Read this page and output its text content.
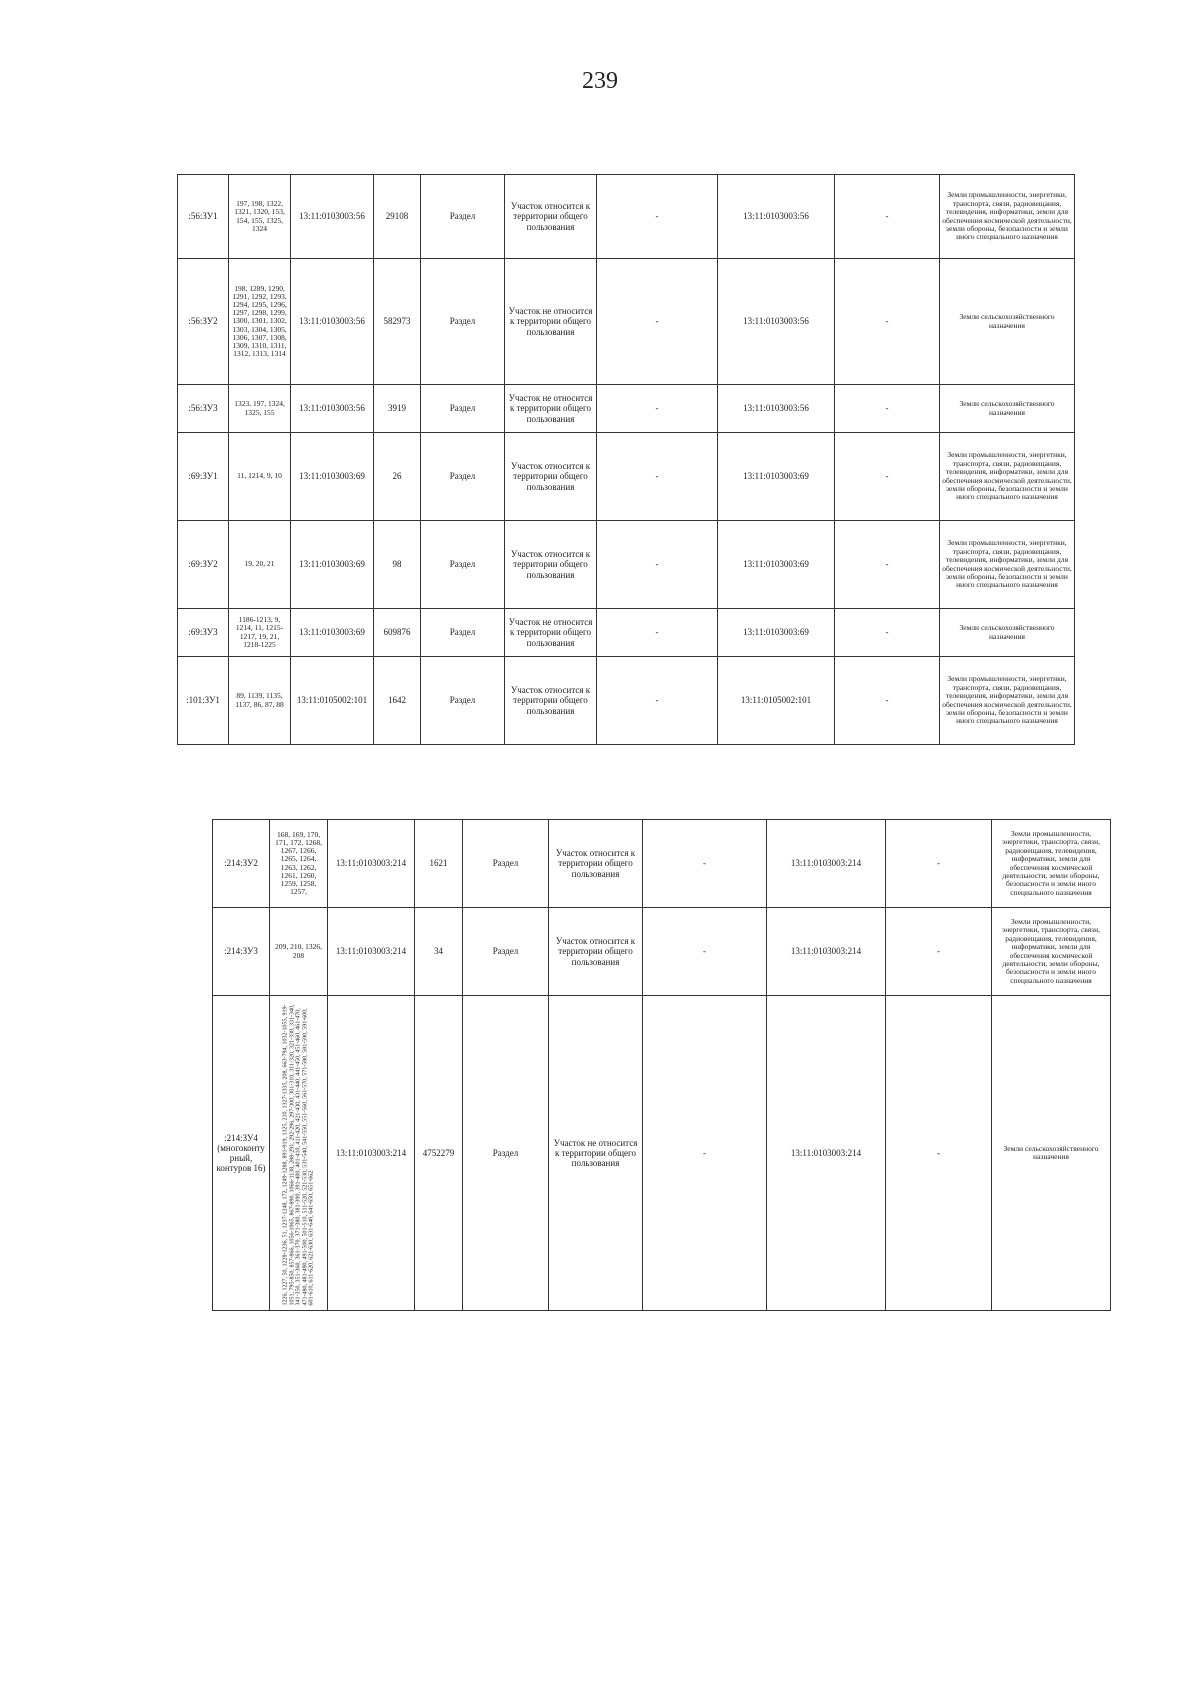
239
:56:ЗУ1	197, 198, 1322, 1321, 1320, 153, 154, 155, 1325, 1324	13:11:0103003:56	29108	Раздел	Участок относится к территории общего пользования	-	13:11:0103003:56	-	Земли промышленности, энергетики, транспорта, связи, радиовещания, телевидения, информатики, земли для обеспечения космической деятельности, земли обороны, безопасности и земли иного специального назначения
:56:ЗУ2	198, 1289, 1290, 1291, 1292, 1293, 1294, 1295, 1296, 1297, 1298, 1299, 1300, 1301, 1302, 1303, 1304, 1305, 1306, 1307, 1308, 1309, 1310, 1311, 1312, 1313, 1314	13:11:0103003:56	582973	Раздел	Участок не относится к территории общего пользования	-	13:11:0103003:56	-	Земли сельскохозяйственного назначения
:56:ЗУ3	1323, 197, 1324, 1325, 155	13:11:0103003:56	3919	Раздел	Участок не относится к территории общего пользования	-	13:11:0103003:56	-	Земли сельскохозяйственного назначения
:69:ЗУ1	11, 1214, 9, 10	13:11:0103003:69	26	Раздел	Участок относится к территории общего пользования	-	13:11:0103003:69	-	Земли промышленности, энергетики, транспорта, связи, радиовещания, телевидения, информатики, земли для обеспечения космической деятельности, земли обороны, безопасности и земли иного специального назначения
:69:ЗУ2	19, 20, 21	13:11:0103003:69	98	Раздел	Участок относится к территории общего пользования	-	13:11:0103003:69	-	Земли промышленности, энергетики, транспорта, связи, радиовещания, телевидения, информатики, земли для обеспечения космической деятельности, земли обороны, безопасности и земли иного специального назначения
:69:ЗУ3	1186-1213, 9, 1214, 11, 1215-1217, 19, 21, 1218-1225	13:11:0103003:69	609876	Раздел	Участок не относится к территории общего пользования	-	13:11:0103003:69	-	Земли сельскохозяйственного назначения
:101:ЗУ1	89, 1139, 1135, 1137, 86, 87, 88	13:11:0105002:101	1642	Раздел	Участок относится к территории общего пользования	-	13:11:0105002:101	-	Земли промышленности, энергетики, транспорта, связи, радиовещания, телевидения, информатики, земли для обеспечения космической деятельности, земли обороны, безопасности и земли иного специального назначения
:214:ЗУ2	168, 169, 170, 171, 172, 1268, 1267, 1266, 1265, 1264, 1263, 1262, 1261, 1260, 1259, 1258, 1257,	13:11:0103003:214	1621	Раздел	Участок относится к территории общего пользования	-	13:11:0103003:214	-	Земли промышленности, энергетики, транспорта, связи, радиовещания, телевидения, информатики, земли для обеспечения космической деятельности, земли обороны, безопасности и земли иного специального назначения
:214:ЗУ3	209, 210, 1326, 208	13:11:0103003:214	34	Раздел	Участок относится к территории общего пользования	-	13:11:0103003:214	-	Земли промышленности, энергетики, транспорта, связи, радиовещания, телевидения, информатики, земли для обеспечения космической деятельности, земли обороны, безопасности и земли иного специального назначения
:214:ЗУ4 (многоконтурный, контуров 16)	1226, 1227, 50, 1228-1236, 51, 1237-1248, 172, 1249-1288, 891-919, 1325, 210, 1327-1335, 208, 663-794, 1032-1055, 919-1051, 795-850, 857-866, 1056-1065, 867-890, 1066-1138, 288-291, 292-296, 297-300, 301-310, 311-320, 321-330, 331-340, 341-350, 351-360, 361-370, 371-380, 381-390, 391-400, 401-410, 411-420, 421-430, 431-440, 441-450, 451-460, 461-470, 471-480, 481-490, 491-500, 501-510, 511-520, 521-530, 531-540, 541-550, 551-560, 561-570, 571-580, 581-590, 591-600, 601-610, 611-620, 621-630, 631-640, 641-650, 651-662	13:11:0103003:214	4752279	Раздел	Участок не относится к территории общего пользования	-	13:11:0103003:214	-	Земли сельскохозяйственного назначения
